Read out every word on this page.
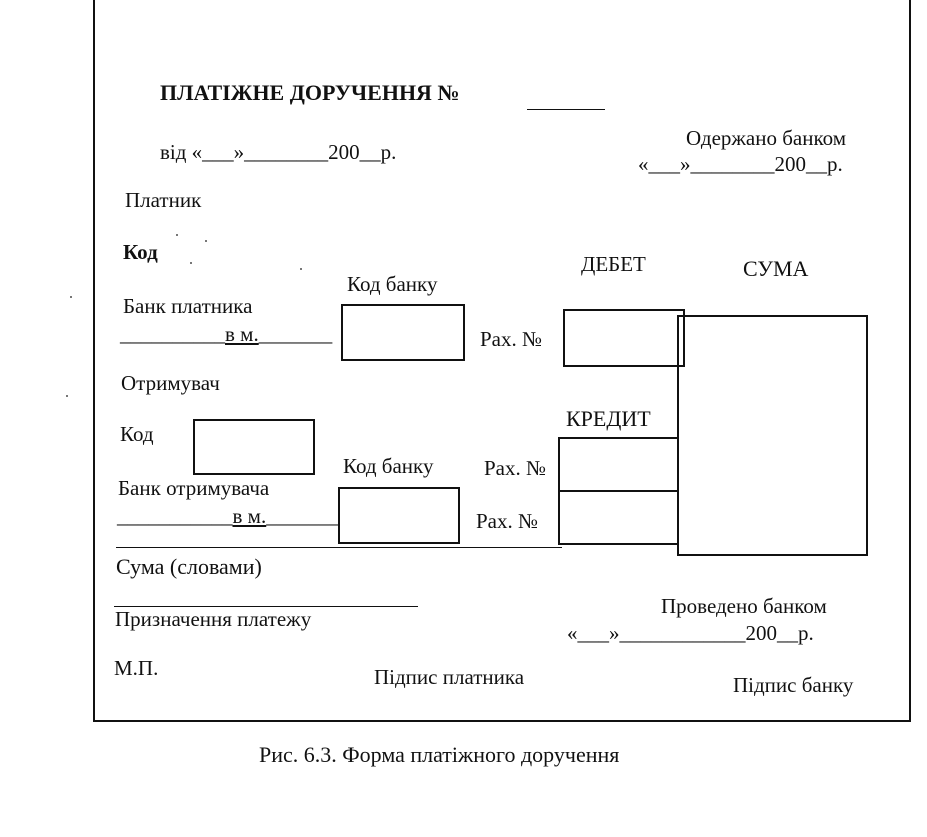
ПЛАТІЖНЕ ДОРУЧЕННЯ №
від «___»________200__р.
Одержано банком
«___»________200__р.
Платник
Код	ДЕБЕТ	СУМА
Код банку
Банк платника
__________в м._______	Рах. №
Отримувач
КРЕДИТ
Код
Код банку Рах. №
Банк отримувача
___________в м._______	Рах. №
Сума (словами)
Проведено банком
Призначення платежу
«___»____________200__р.
М.П.	Підпис платника	Підпис банку
Рис. 6.3. Форма платіжного доручення
